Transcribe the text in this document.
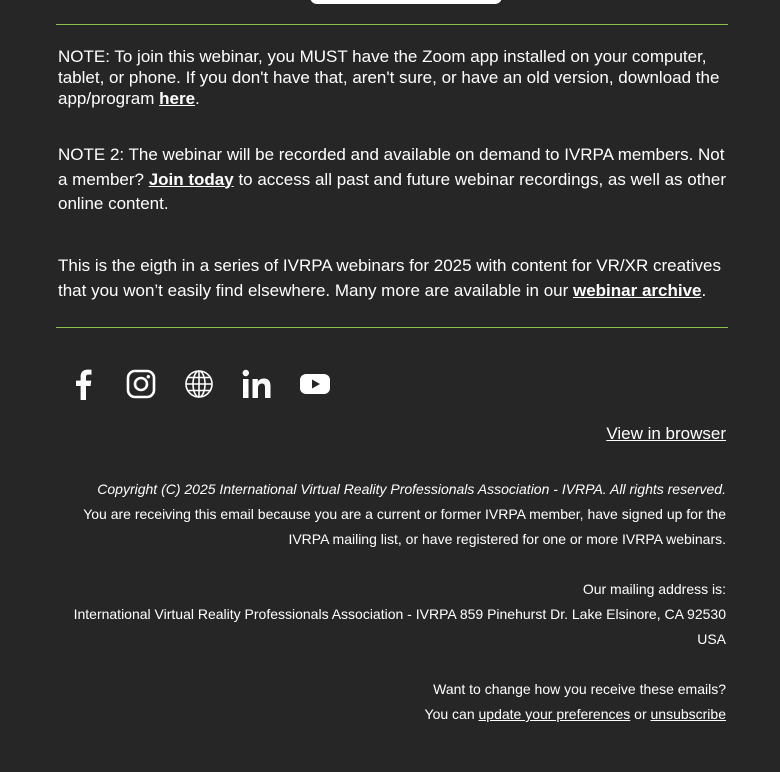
NOTE: To join this webinar, you MUST have the Zoom app installed on your computer, tablet, or phone. If you don't have that, aren't sure, or have an old version, download the app/program here.

NOTE 2: The webinar will be recorded and available on demand to IVRPA members. Not a member? Join today to access all past and future webinar recordings, as well as other online content.

This is the eigth in a series of IVRPA webinars for 2025 with content for VR/XR creatives that you won’t easily find elsewhere. Many more are available in our webinar archive.

View in browser
Copyright (C) 2025 International Virtual Reality Professionals Association - IVRPA. All rights reserved.
You are receiving this email because you are a current or former IVRPA member, have signed up for the IVRPA mailing list, or have registered for one or more IVRPA webinars.
Our mailing address is:
International Virtual Reality Professionals Association - IVRPA 859 Pinehurst Dr. Lake Elsinore, CA 92530
USA
Want to change how you receive these emails?
You can update your preferences or unsubscribe
